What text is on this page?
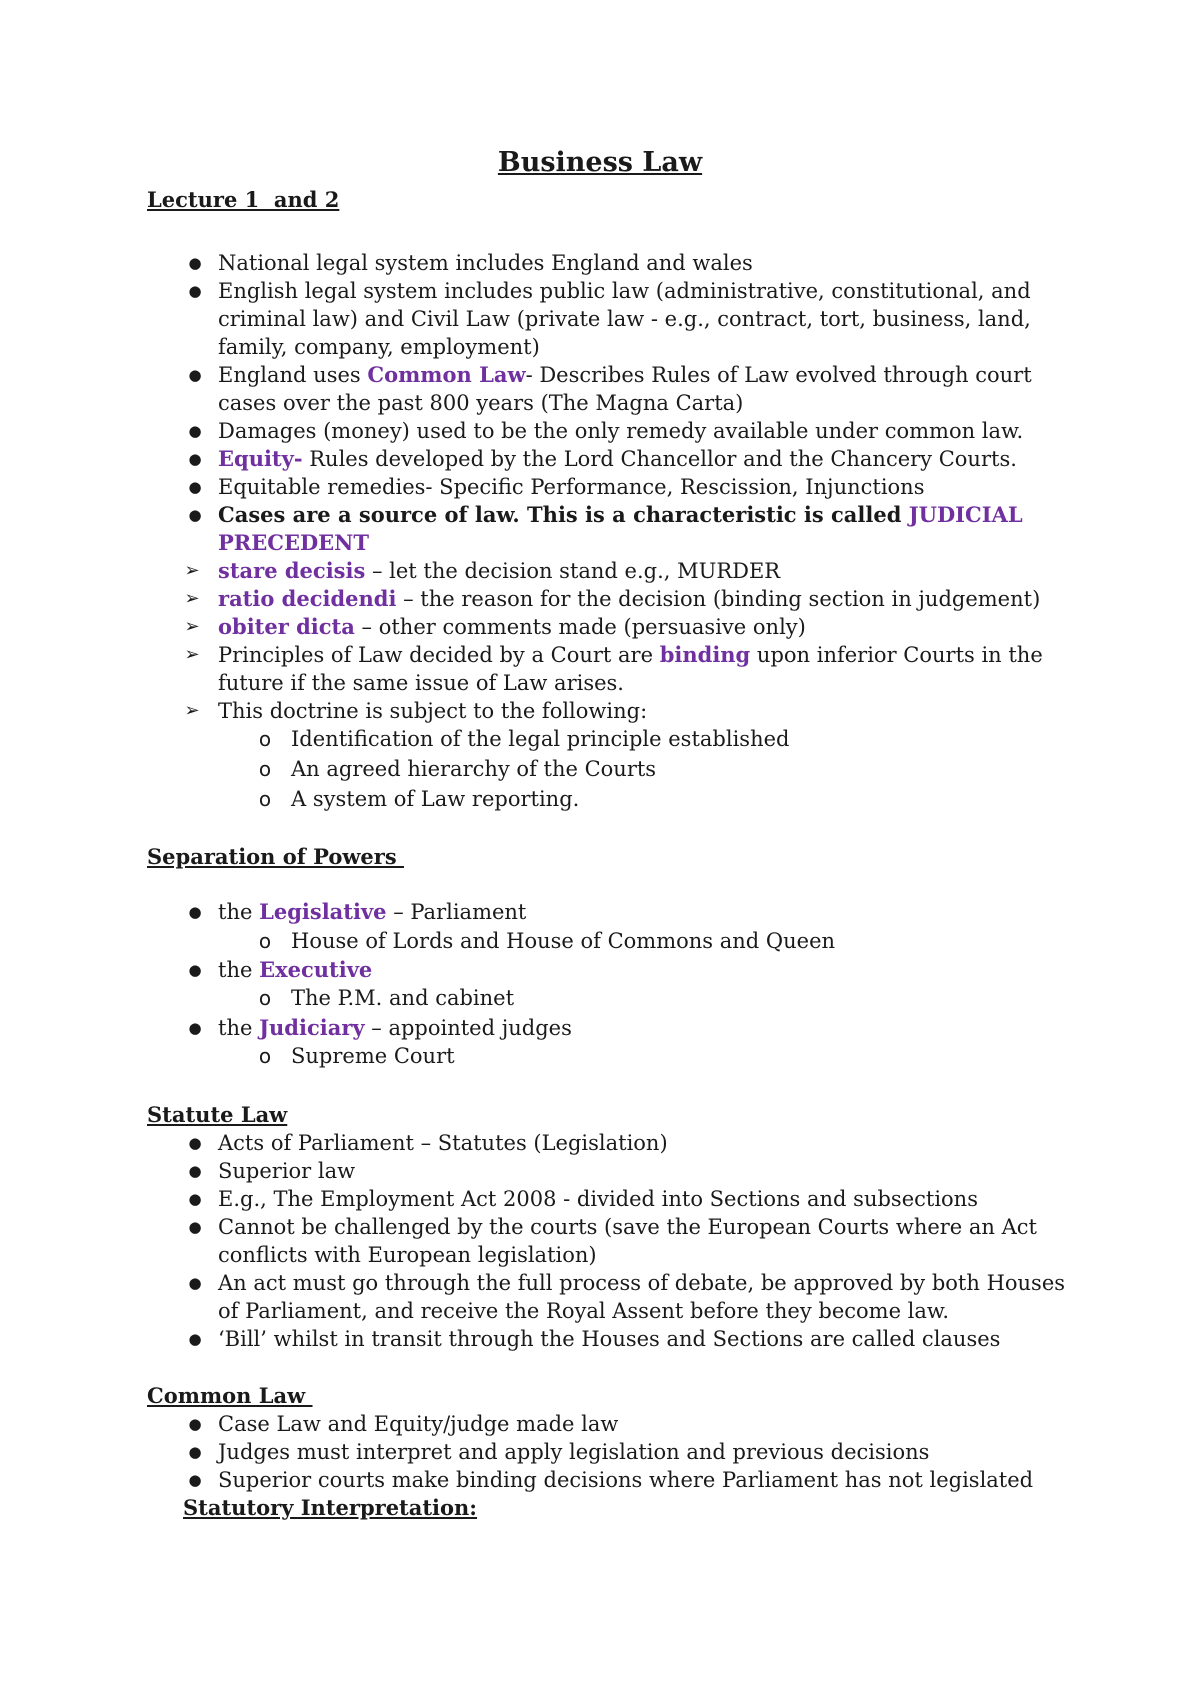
Business Law
Lecture 1  and 2
● National legal system includes England and wales
● English legal system includes public law (administrative, constitutional, and criminal law) and Civil Law (private law - e.g., contract, tort, business, land, family, company, employment)
● England uses Common Law- Describes Rules of Law evolved through court cases over the past 800 years (The Magna Carta)
● Damages (money) used to be the only remedy available under common law.
● Equity- Rules developed by the Lord Chancellor and the Chancery Courts.
● Equitable remedies- Specific Performance, Rescission, Injunctions
● Cases are a source of law. This is a characteristic is called JUDICIAL PRECEDENT
➢ stare decisis – let the decision stand e.g., MURDER
➢ ratio decidendi – the reason for the decision (binding section in judgement)
➢ obiter dicta – other comments made (persuasive only)
➢ Principles of Law decided by a Court are binding upon inferior Courts in the future if the same issue of Law arises.
➢ This doctrine is subject to the following:
o Identification of the legal principle established
o An agreed hierarchy of the Courts
o A system of Law reporting.
Separation of Powers
● the Legislative – Parliament
o House of Lords and House of Commons and Queen
● the Executive
o The P.M. and cabinet
● the Judiciary – appointed judges
o Supreme Court
Statute Law
● Acts of Parliament – Statutes (Legislation)
● Superior law
● E.g., The Employment Act 2008 - divided into Sections and subsections
● Cannot be challenged by the courts (save the European Courts where an Act conflicts with European legislation)
● An act must go through the full process of debate, be approved by both Houses of Parliament, and receive the Royal Assent before they become law.
● ‘Bill’ whilst in transit through the Houses and Sections are called clauses
Common Law
● Case Law and Equity/judge made law
● Judges must interpret and apply legislation and previous decisions
● Superior courts make binding decisions where Parliament has not legislated
Statutory Interpretation:
